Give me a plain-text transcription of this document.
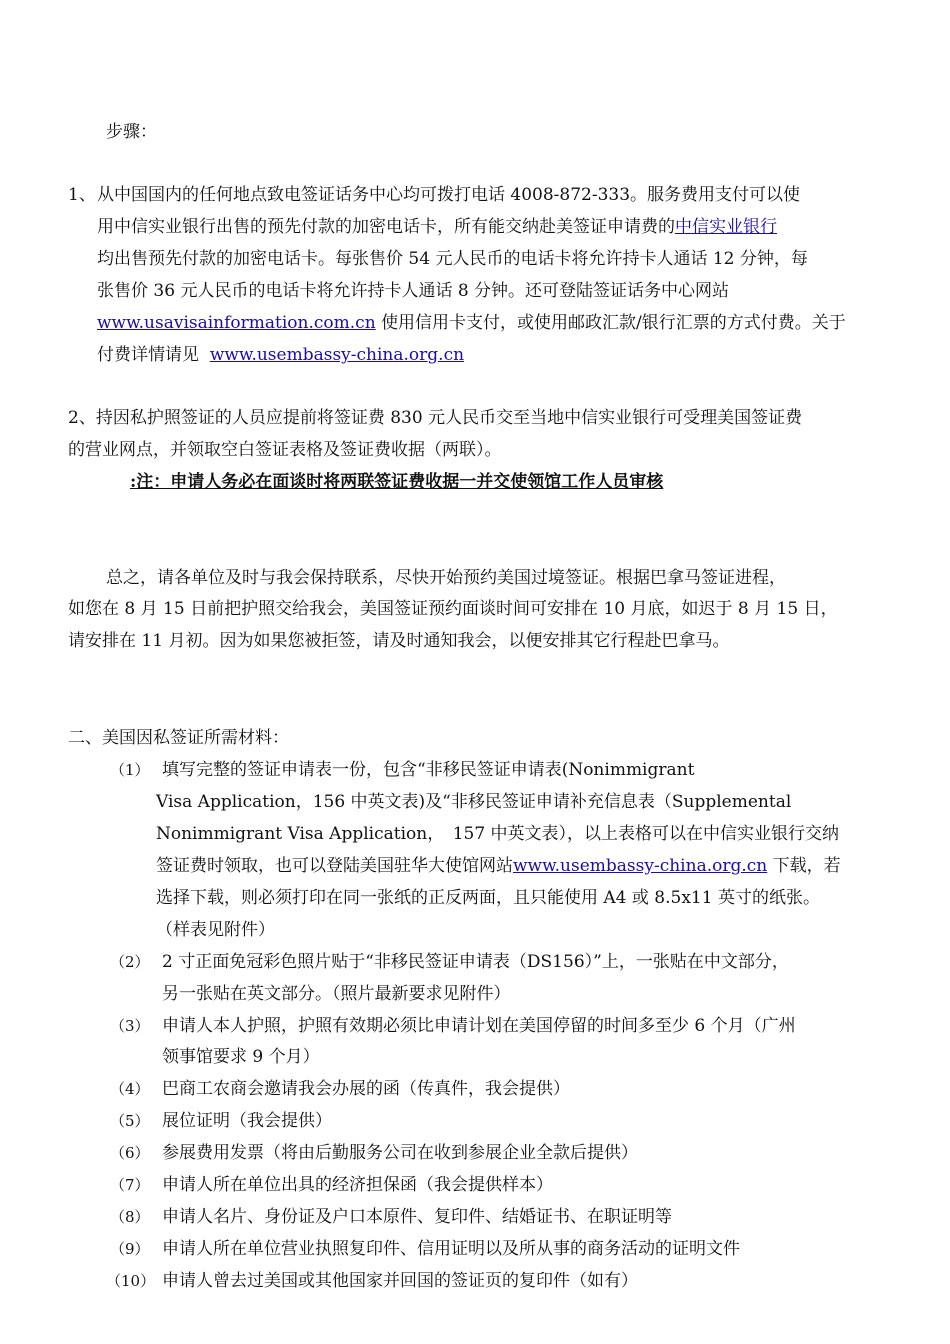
步骤：
1、 从中国国内的任何地点致电签证话务中心均可拨打电话 4008-872-333。服务费用支付可以使
用中信实业银行出售的预先付款的加密电话卡，所有能交纳赴美签证申请费的中信实业银行
均出售预先付款的加密电话卡。每张售价 54 元人民币的电话卡将允许持卡人通话 12 分钟，每
张售价 36 元人民币的电话卡将允许持卡人通话 8 分钟。还可登陆签证话务中心网站
www.usavisainformation.com.cn 使用信用卡支付，或使用邮政汇款/银行汇票的方式付费。关于
付费详情请见 www.usembassy-china.org.cn
2、持因私护照签证的人员应提前将签证费 830 元人民币交至当地中信实业银行可受理美国签证费
的营业网点，并领取空白签证表格及签证费收据（两联）。
:注：申请人务必在面谈时将两联签证费收据一并交使领馆工作人员审核
总之，请各单位及时与我会保持联系，尽快开始预约美国过境签证。根据巴拿马签证进程，
如您在 8 月 15 日前把护照交给我会，美国签证预约面谈时间可安排在 10 月底，如迟于 8 月 15 日，
请安排在 11 月初。因为如果您被拒签，请及时通知我会，以便安排其它行程赴巴拿马。
二、美国因私签证所需材料：
（1） 填写完整的签证申请表一份，包含“非移民签证申请表(Nonimmigrant
Visa Application，156 中英文表)及“非移民签证申请补充信息表（Supplemental
Nonimmigrant Visa Application，　157 中英文表），以上表格可以在中信实业银行交纳
签证费时领取，也可以登陆美国驻华大使馆网站www.usembassy-china.org.cn 下载，若
选择下载，则必须打印在同一张纸的正反两面，且只能使用 A4 或 8.5x11 英寸的纸张。
（样表见附件）
（2） 2 寸正面免冠彩色照片贴于“非移民签证申请表（DS156）”上，一张贴在中文部分，
另一张贴在英文部分。（照片最新要求见附件）
（3） 申请人本人护照，护照有效期必须比申请计划在美国停留的时间多至少 6 个月（广州
领事馆要求 9 个月）
（4） 巴商工农商会邀请我会办展的函（传真件，我会提供）
（5） 展位证明（我会提供）
（6） 参展费用发票（将由后勤服务公司在收到参展企业全款后提供）
（7） 申请人所在单位出具的经济担保函（我会提供样本）
（8） 申请人名片、身份证及户口本原件、复印件、结婚证书、在职证明等
（9） 申请人所在单位营业执照复印件、信用证明以及所从事的商务活动的证明文件
（10） 申请人曾去过美国或其他国家并回国的签证页的复印件（如有）
